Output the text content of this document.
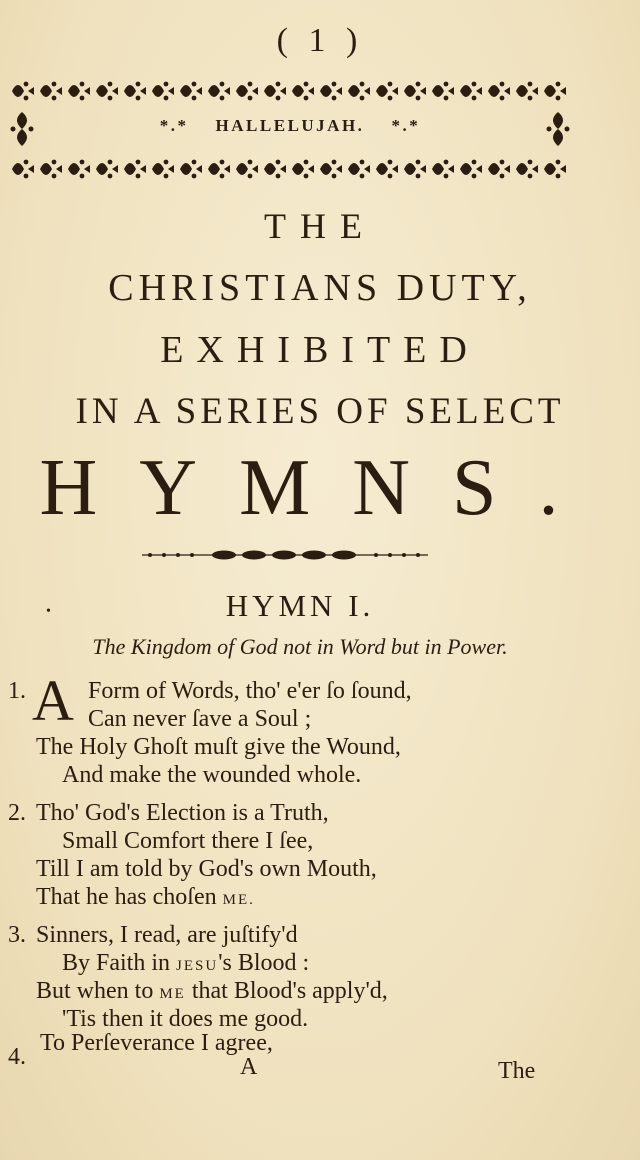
( 1 )
*.* HALLELUJAH. *.*
THE
CHRISTIANS DUTY,
EXHIBITED
IN A SERIES OF SELECT
HYMNS.
•	HYMN I.
The Kingdom of God not in Word but in Power.
1. A Form of Words, tho' e'er ſo ſound,
Can never ſave a Soul ;
The Holy Ghoſt muſt give the Wound,
And make the wounded whole.
2. Tho' God's Election is a Truth,
Small Comfort there I ſee,
Till I am told by God's own Mouth,
That he has choſen ME.
3. Sinners, I read, are juſtify'd
By Faith in JESU's Blood :
But when to ME that Blood's apply'd,
'Tis then it does me good.
4.
To Perſeverance I agree,
A	The
